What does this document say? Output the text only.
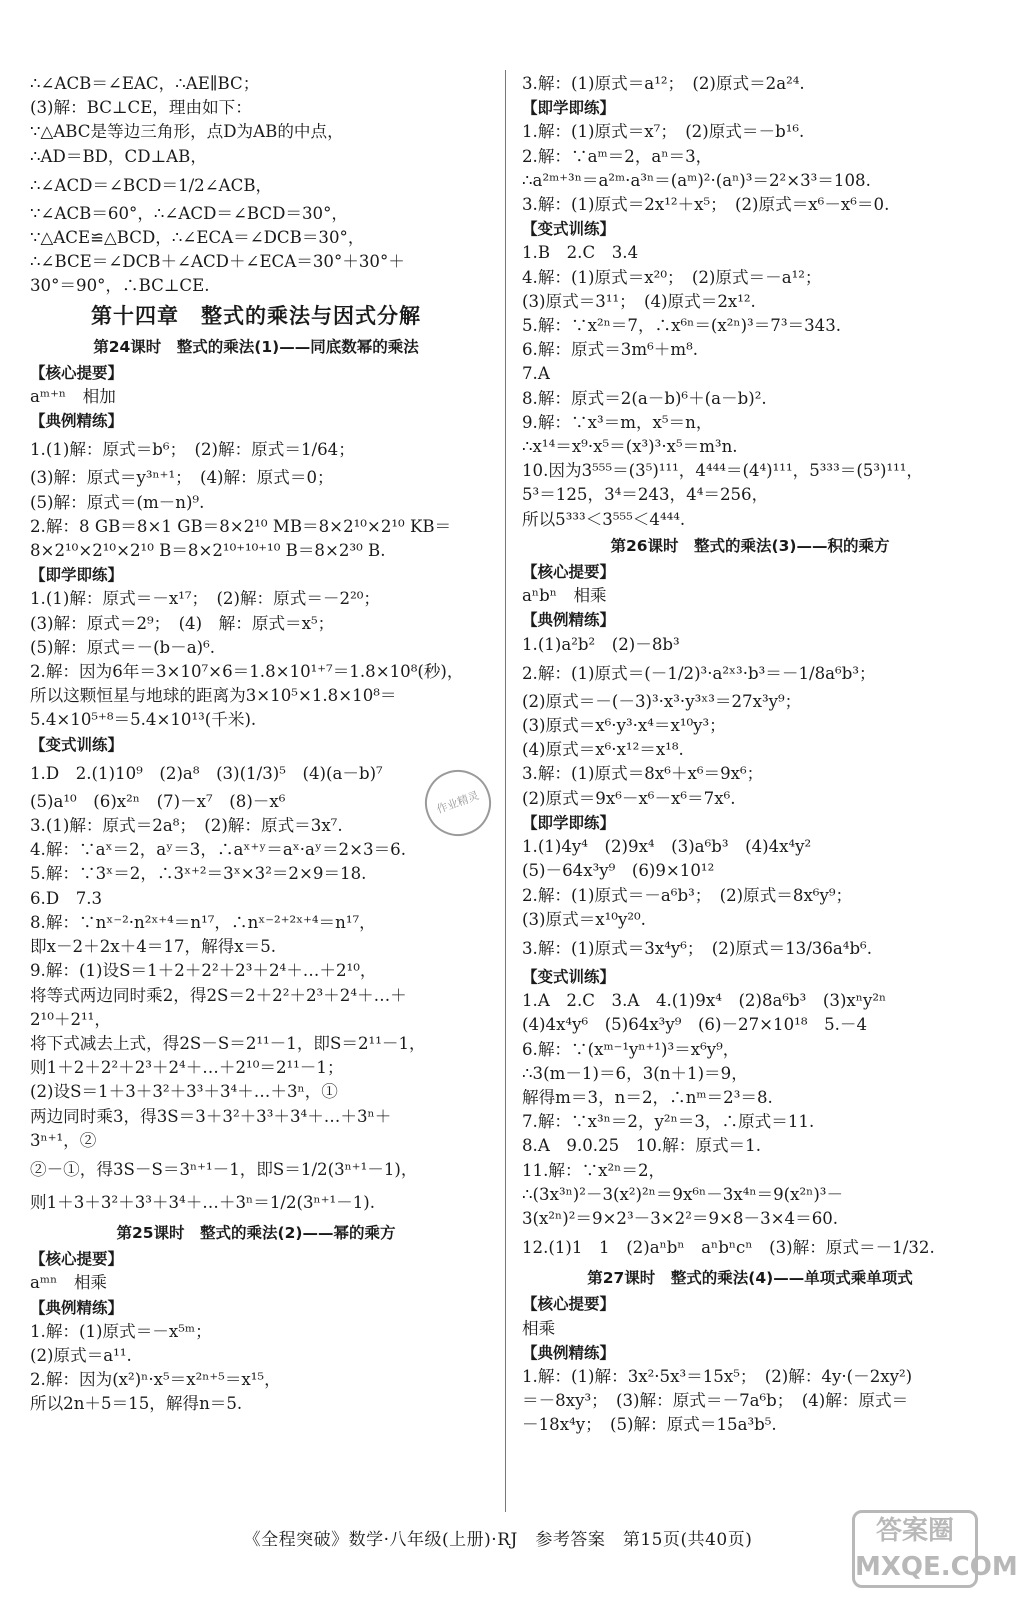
∴∠ACB＝∠EAC，∴AE∥BC；
(3)解：BC⊥CE，理由如下：
∵△ABC是等边三角形，点D为AB的中点，
∴AD＝BD，CD⊥AB，
∴∠ACD＝∠BCD＝1/2∠ACB，
∵∠ACB＝60°，∴∠ACD＝∠BCD＝30°，
∵△ACE≌△BCD，∴∠ECA＝∠DCB＝30°，
∴∠BCE＝∠DCB＋∠ACD＋∠ECA＝30°＋30°＋
30°＝90°，∴BC⊥CE.
第十四章　整式的乘法与因式分解
第24课时　整式的乘法(1)——同底数幂的乘法
【核心提要】
aᵐ⁺ⁿ　相加
【典例精练】
1.(1)解：原式＝b⁶；　(2)解：原式＝1/64；
(3)解：原式＝y³ⁿ⁺¹；　(4)解：原式＝0；
(5)解：原式＝(m－n)⁹.
2.解：8 GB＝8×1 GB＝8×2¹⁰ MB＝8×2¹⁰×2¹⁰ KB＝
8×2¹⁰×2¹⁰×2¹⁰ B＝8×2¹⁰⁺¹⁰⁺¹⁰ B＝8×2³⁰ B.
【即学即练】
1.(1)解：原式＝－x¹⁷；　(2)解：原式＝－2²⁰；
(3)解：原式＝2⁹；　(4)　解：原式＝x⁵；
(5)解：原式＝－(b－a)⁶.
2.解：因为6年＝3×10⁷×6＝1.8×10¹⁺⁷＝1.8×10⁸(秒)，
所以这颗恒星与地球的距离为3×10⁵×1.8×10⁸＝
5.4×10⁵⁺⁸＝5.4×10¹³(千米).
【变式训练】
1.D　2.(1)10⁹　(2)a⁸　(3)(1/3)⁵　(4)(a－b)⁷
(5)a¹⁰　(6)x²ⁿ　(7)－x⁷　(8)－x⁶
3.(1)解：原式＝2a⁸；　(2)解：原式＝3x⁷.
4.解：∵aˣ＝2，aʸ＝3，∴aˣ⁺ʸ＝aˣ·aʸ＝2×3＝6.
5.解：∵3ˣ＝2，∴3ˣ⁺²＝3ˣ×3²＝2×9＝18.
6.D　7.3
8.解：∵nˣ⁻²·n²ˣ⁺⁴＝n¹⁷，∴nˣ⁻²⁺²ˣ⁺⁴＝n¹⁷，
即x－2＋2x＋4＝17，解得x＝5.
9.解：(1)设S＝1＋2＋2²＋2³＋2⁴＋…＋2¹⁰，
将等式两边同时乘2，得2S＝2＋2²＋2³＋2⁴＋…＋
2¹⁰＋2¹¹，
将下式减去上式，得2S－S＝2¹¹－1，即S＝2¹¹－1，
则1＋2＋2²＋2³＋2⁴＋…＋2¹⁰＝2¹¹－1；
(2)设S＝1＋3＋3²＋3³＋3⁴＋…＋3ⁿ，①
两边同时乘3，得3S＝3＋3²＋3³＋3⁴＋…＋3ⁿ＋
3ⁿ⁺¹，②
②－①，得3S－S＝3ⁿ⁺¹－1，即S＝1/2(3ⁿ⁺¹－1)，
则1＋3＋3²＋3³＋3⁴＋…＋3ⁿ＝1/2(3ⁿ⁺¹－1).
第25课时　整式的乘法(2)——幂的乘方
【核心提要】
aᵐⁿ　相乘
【典例精练】
1.解：(1)原式＝－x⁵ᵐ；
(2)原式＝a¹¹.
2.解：因为(x²)ⁿ·x⁵＝x²ⁿ⁺⁵＝x¹⁵，
所以2n＋5＝15，解得n＝5.
3.解：(1)原式＝a¹²；　(2)原式＝2a²⁴.
【即学即练】
1.解：(1)原式＝x⁷；　(2)原式＝－b¹⁶.
2.解：∵aᵐ＝2，aⁿ＝3，
∴a²ᵐ⁺³ⁿ＝a²ᵐ·a³ⁿ＝(aᵐ)²·(aⁿ)³＝2²×3³＝108.
3.解：(1)原式＝2x¹²＋x⁵；　(2)原式＝x⁶－x⁶＝0.
【变式训练】
1.B　2.C　3.4
4.解：(1)原式＝x²⁰；　(2)原式＝－a¹²；
(3)原式＝3¹¹；　(4)原式＝2x¹².
5.解：∵x²ⁿ＝7，∴x⁶ⁿ＝(x²ⁿ)³＝7³＝343.
6.解：原式＝3m⁶＋m⁸.
7.A
8.解：原式＝2(a－b)⁶＋(a－b)².
9.解：∵x³＝m，x⁵＝n，
∴x¹⁴＝x⁹·x⁵＝(x³)³·x⁵＝m³n.
10.因为3⁵⁵⁵＝(3⁵)¹¹¹，4⁴⁴⁴＝(4⁴)¹¹¹，5³³³＝(5³)¹¹¹，
5³＝125，3⁴＝243，4⁴＝256，
所以5³³³＜3⁵⁵⁵＜4⁴⁴⁴.
第26课时　整式的乘法(3)——积的乘方
【核心提要】
aⁿbⁿ　相乘
【典例精练】
1.(1)a²b²　(2)－8b³
2.解：(1)原式＝(－1/2)³·a²ˣ³·b³＝－1/8a⁶b³；
(2)原式＝－(－3)³·x³·y³ˣ³＝27x³y⁹；
(3)原式＝x⁶·y³·x⁴＝x¹⁰y³；
(4)原式＝x⁶·x¹²＝x¹⁸.
3.解：(1)原式＝8x⁶＋x⁶＝9x⁶；
(2)原式＝9x⁶－x⁶－x⁶＝7x⁶.
【即学即练】
1.(1)4y⁴　(2)9x⁴　(3)a⁶b³　(4)4x⁴y²
(5)－64x³y⁹　(6)9×10¹²
2.解：(1)原式＝－a⁶b³；　(2)原式＝8x⁶y⁹；
(3)原式＝x¹⁰y²⁰.
3.解：(1)原式＝3x⁴y⁶；　(2)原式＝13/36a⁴b⁶.
【变式训练】
1.A　2.C　3.A　4.(1)9x⁴　(2)8a⁶b³　(3)xⁿy²ⁿ
(4)4x⁴y⁶　(5)64x³y⁹　(6)－27×10¹⁸　5.－4
6.解：∵(xᵐ⁻¹yⁿ⁺¹)³＝x⁶y⁹，
∴3(m－1)＝6，3(n＋1)＝9，
解得m＝3，n＝2，∴nᵐ＝2³＝8.
7.解：∵x³ⁿ＝2，y²ⁿ＝3，∴原式＝11.
8.A　9.0.25　10.解：原式＝1.
11.解：∵x²ⁿ＝2，
∴(3x³ⁿ)²－3(x²)²ⁿ＝9x⁶ⁿ－3x⁴ⁿ＝9(x²ⁿ)³－
3(x²ⁿ)²＝9×2³－3×2²＝9×8－3×4＝60.
12.(1)1　1　(2)aⁿbⁿ　aⁿbⁿcⁿ　(3)解：原式＝－1/32.
第27课时　整式的乘法(4)——单项式乘单项式
【核心提要】
相乘
【典例精练】
1.解：(1)解：3x²·5x³＝15x⁵；　(2)解：4y·(－2xy²)
＝－8xy³；　(3)解：原式＝－7a⁶b；　(4)解：原式＝
－18x⁴y；　(5)解：原式＝15a³b⁵.
作业精灵
答案圈 MXQE.COM
《全程突破》数学·八年级(上册)·RJ　参考答案　第15页(共40页)
